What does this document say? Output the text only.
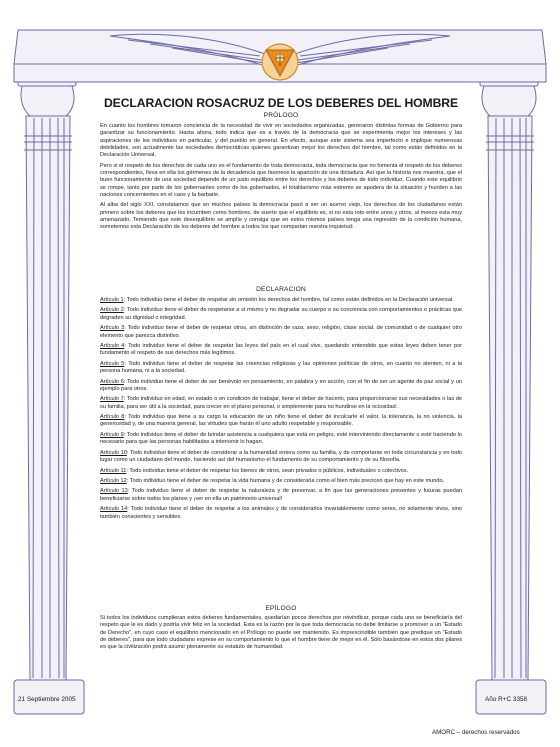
DECLARACION ROSACRUZ DE LOS DEBERES DEL HOMBRE
PRÓLOGO

En cuanto los hombres tomaron conciencia de la necesidad de vivir en sociedades organizadas, generaron distintas formas de Gobierno para garantizar su funcionamiento. Hasta ahora, todo indica que es a través de la democracia que se experimenta mejor los intereses y las aspiraciones de los individuos en particular, y del pueblo en general. En efecto, aunque este sistema sea imperfecto e implique numerosas debilidades, son actualmente las sociedades democráticas quienes garantizan mejor los derechos del hombre, tal como están definidos en la Declaración Universal.

Pero si el respeto de los derechos de cada uno es el fundamento de toda democracia, toda democracia que no fomenta el respeto de los deberes correspondientes, lleva en ella los gérmenes de la decadencia que favorece la aparición de una dictadura. Así que la historia nos muestra, que el buen funcionamiento de una sociedad depende de un justo equilibrio entre los derechos y los deberes de todo individuo. Cuando este equilibrio se rompe, tanto por parte de los gobernantes como de los gobernados, el totalitarismo más extremo se apodera de la situación y hunden a las naciones concernientes en el caos y la barbarie.

Al alba del siglo XXI, constatamos que en muchos países la democracia pasó a ser un acervo viejo, los derechos de los ciudadanos están primero sobre los deberes que les incumben como hombres, de suerte que el equilibrio es, si no esta roto entre unos y otros, al menos esta muy amenazado. Temiendo que este desequilibrio se amplíe y consiga que en estos mismos países tenga una regresión de la condición humana, sometemos esta Declaración de los deberes del hombre a todos los que compartan nuestra inquietud:

DECLARACION

Artículo 1: Todo individuo tiene el deber de respetar sin omisión los derechos del hombre, tal como están definidos en la Declaración universal.

Artículo 2: Todo individuo tiene el deber de respetarse a sí mismo y no degradar su cuerpo o su conciencia con comportamientos o prácticas que degraden su dignidad o integridad.

Artículo 3: Todo individuo tiene el deber de respetar otros, sin distinción de raza, sexo, religión, clase social, de comunidad o de cualquier otro elemento que parezca distintivo.

Artículo 4: Todo individuo tiene el deber de respetar las leyes del país en el cual vive, quedando entendido que estas leyes deben tener por fundamento el respeto de sus derechos más legítimos.

Artículo 5: Todo individuo tiene el deber de respetar las creencias religiosas y las opiniones políticas de otros, en cuanto no atenten, ni a la persona humana, ni a la sociedad.

Artículo 6: Todo individuo tiene el deber de ser benévolo en pensamiento, en palabra y en acción, con el fin de ser un agente de paz social y un ejemplo para otros.

Artículo 7: Todo individuo en edad, en estado o en condición de trabajar, tiene el deber de hacerlo, para proporcionarse sus necesidades o las de su familia, para ser útil a la sociedad, para crecer en el plano personal, o simplemente para no hundirse en la ociosidad.

Artículo 8: Todo individuo que tiene a su cargo la educación de un niño tiene el deber de inculcarle el valor, la tolerancia, la no violencia, la generosidad y, de una manera general, las virtudes que harán él uno adulto respetable y responsable.

Artículo 9: Todo individuo tiene el deber de brindar asistencia a cualquiera que está en peligro, esté interviniendo directamente o esté haciendo lo necesario para que las personas habilitadas a intervenir lo hagan.

Artículo 10: Todo individuo tiene el deber de considerar a la humanidad entera como su familia, y de comportarse en toda circunstancia y en todo lugar como un ciudadano del mundo, haciendo así del humanismo el fundamento de su comportamiento y de su filosofía.

Artículo 11: Todo individuo tiene el deber de respetar los bienes de otros, sean privados o públicos, individuales o colectivos.

Artículo 12: Todo individuo tiene el deber de respetar la vida humana y de considerarla como el bien más precioso que hay en este mundo.

Artículo 13: Todo individuo tiene el deber de respetar la naturaleza y de preservar, a fin que las generaciones presentes y futuras puedan beneficiarse sobre todos los planos y ¡ver en ella un patrimonio universal!

Artículo 14: Todo individuo tiene el deber de respetar a los animales y de considerarlos invariablemente como seres, no solamente vivos, sino también conscientes y sensibles.

EPÍLOGO

Si todos los individuos cumplieran estos deberes fundamentales, quedarían pocos derechos por reivindicar, porque cada uno se beneficiaría del respeto que le es dado y podría vivir feliz en la sociedad. Esta es la razón por la que toda democracia no debe limitarse a promover a un "Estado de Derecho", en cuyo caso el equilibrio mencionado en el Prólogo no puede ser mantenido. Es imprescindible también que predique un "Estado de deberes", para que todo ciudadano exprese en su comportamiento lo que el hombre tiene de mejor en él. Sólo basándose en estos dos pilares es que la civilización podrá asumir plenamente su estatuto de humanidad.

21 Septiembre 2005	Año R+C 3358
AMORC – derechos reservados
